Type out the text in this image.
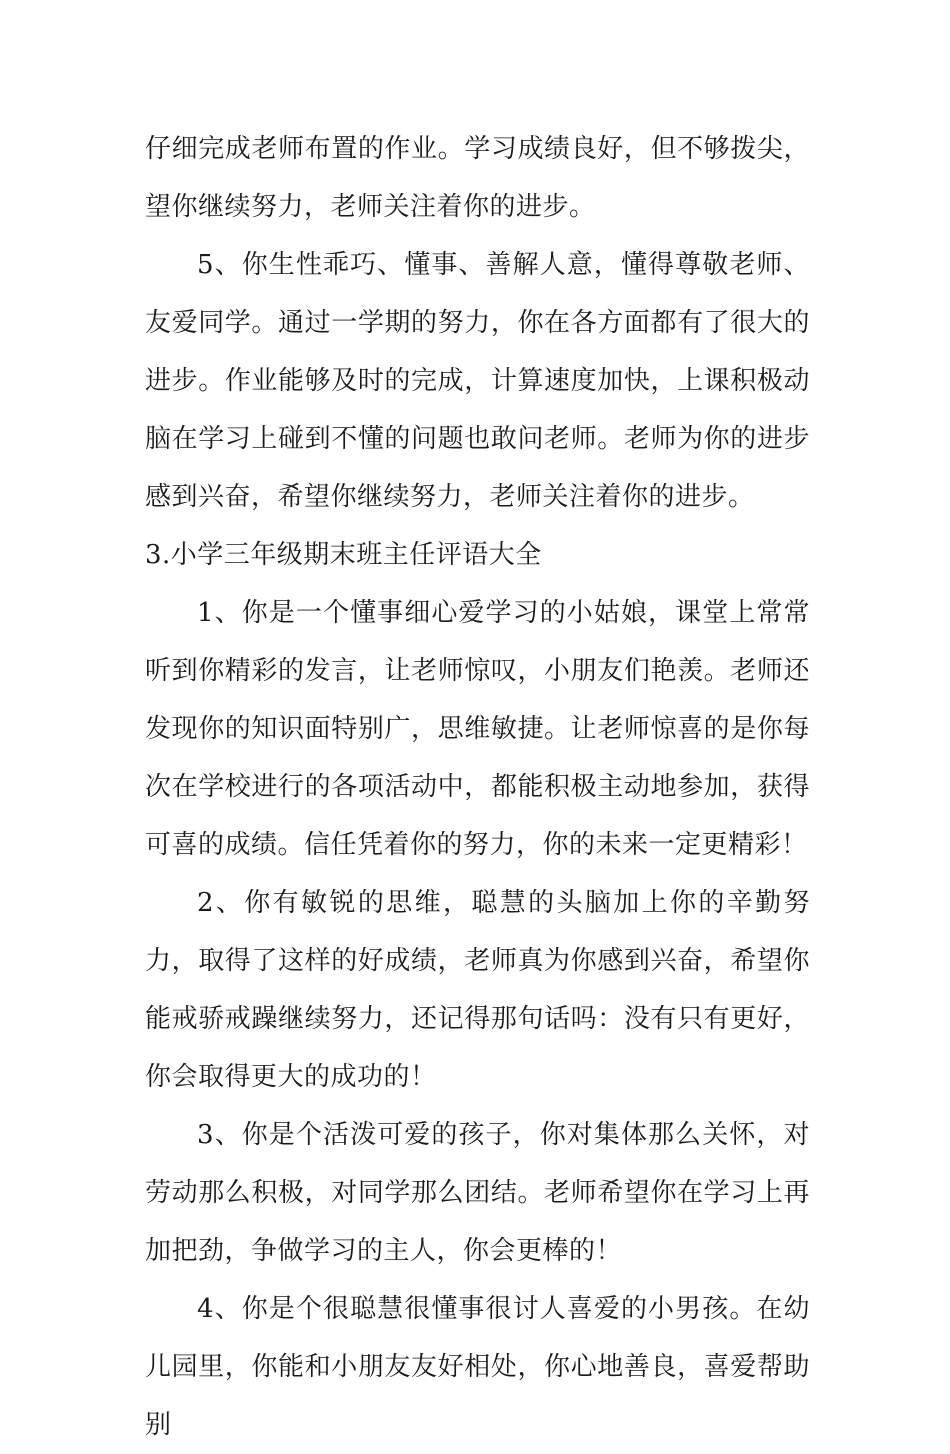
仔细完成老师布置的作业。学习成绩良好，但不够拨尖，望你继续努力，老师关注着你的进步。

5、你生性乖巧、懂事、善解人意，懂得尊敬老师、友爱同学。通过一学期的努力，你在各方面都有了很大的进步。作业能够及时的完成，计算速度加快，上课积极动脑在学习上碰到不懂的问题也敢问老师。老师为你的进步感到兴奋，希望你继续努力，老师关注着你的进步。

3.小学三年级期末班主任评语大全

1、你是一个懂事细心爱学习的小姑娘，课堂上常常听到你精彩的发言，让老师惊叹，小朋友们艳羡。老师还发现你的知识面特别广，思维敏捷。让老师惊喜的是你每次在学校进行的各项活动中，都能积极主动地参加，获得可喜的成绩。信任凭着你的努力，你的未来一定更精彩！

2、你有敏锐的思维，聪慧的头脑加上你的辛勤努力，取得了这样的好成绩，老师真为你感到兴奋，希望你能戒骄戒躁继续努力，还记得那句话吗：没有只有更好，你会取得更大的成功的！

3、你是个活泼可爱的孩子，你对集体那么关怀，对劳动那么积极，对同学那么团结。老师希望你在学习上再加把劲，争做学习的主人，你会更棒的！

4、你是个很聪慧很懂事很讨人喜爱的小男孩。在幼儿园里，你能和小朋友友好相处，你心地善良，喜爱帮助别
